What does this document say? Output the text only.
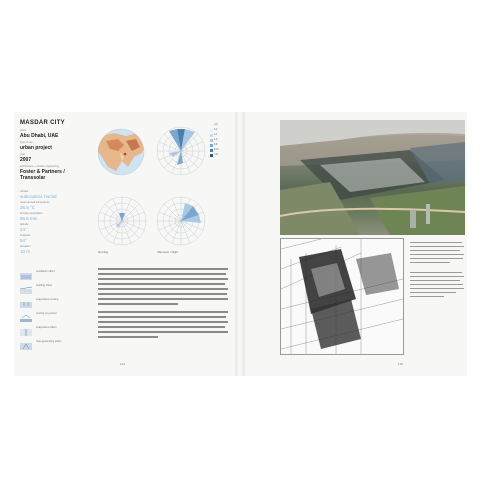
MASDAR CITY

place

Abu Dhabi, UAE

type of use

urban project

year

2007

architecture + climate engineering

Foster & Partners / Transsolar

climate

subtropical, humid

mean annual temperature

26.8 °C

annual precipitation

96.6 mm

latitude

24°

longitude

54°

elevation

10 m

ventilation effect

shading effect

evaporative cooling

cooling on ground

evaporative effect

heat-generating effect

m/s

0-2

2-4

4-6

6-8

8-10

>10

Morning	Afternoon / Night

114	115
